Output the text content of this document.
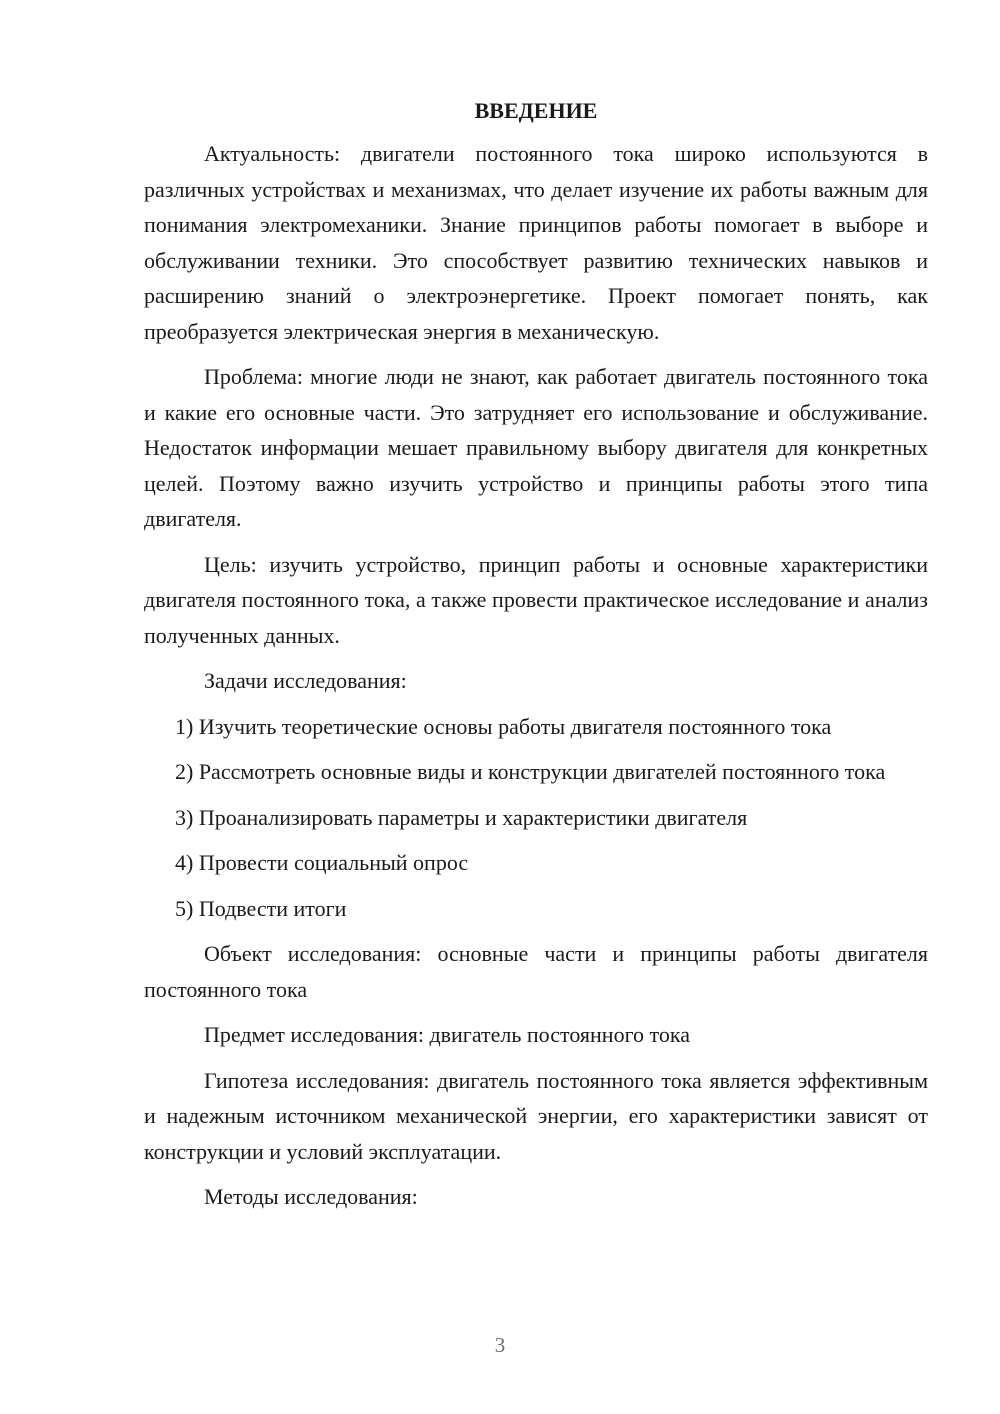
ВВЕДЕНИЕ

Актуальность: двигатели постоянного тока широко используются в различных устройствах и механизмах, что делает изучение их работы важным для понимания электромеханики. Знание принципов работы помогает в выборе и обслуживании техники. Это способствует развитию технических навыков и расширению знаний о электроэнергетике. Проект помогает понять, как преобразуется электрическая энергия в механическую.

Проблема: многие люди не знают, как работает двигатель постоянного тока и какие его основные части. Это затрудняет его использование и обслуживание. Недостаток информации мешает правильному выбору двигателя для конкретных целей. Поэтому важно изучить устройство и принципы работы этого типа двигателя.

Цель: изучить устройство, принцип работы и основные характеристики двигателя постоянного тока, а также провести практическое исследование и анализ полученных данных.

Задачи исследования:

1) Изучить теоретические основы работы двигателя постоянного тока

2) Рассмотреть основные виды и конструкции двигателей постоянного тока

3) Проанализировать параметры и характеристики двигателя

4) Провести социальный опрос

5) Подвести итоги

Объект исследования: основные части и принципы работы двигателя постоянного тока

Предмет исследования: двигатель постоянного тока

Гипотеза исследования: двигатель постоянного тока является эффективным и надежным источником механической энергии, его характеристики зависят от конструкции и условий эксплуатации.

Методы исследования:

3
